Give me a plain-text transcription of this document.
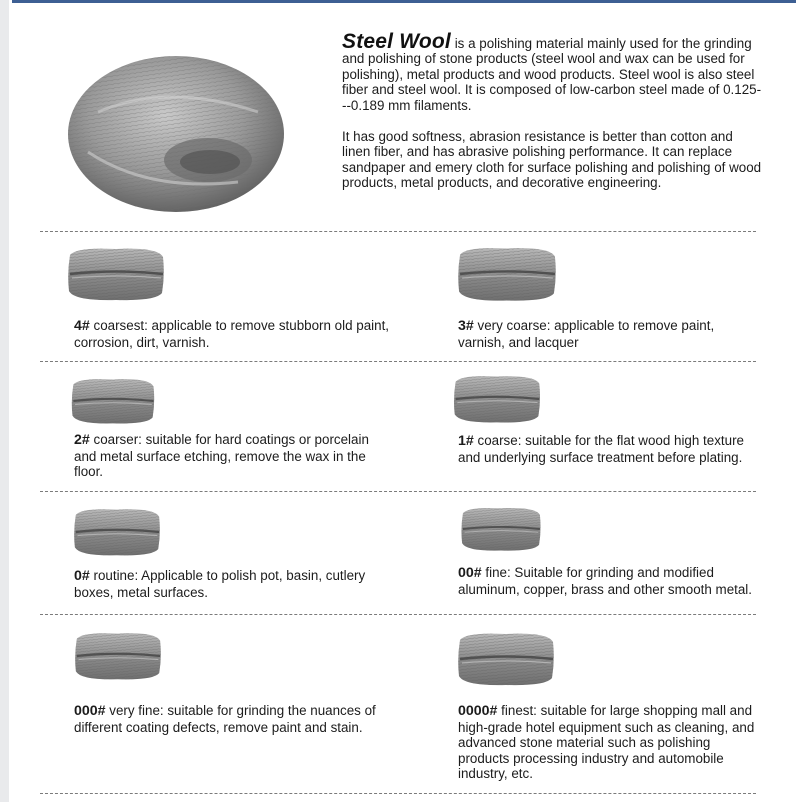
Steel Wool is a polishing material mainly used for the grinding and polishing of stone products (steel wool and wax can be used for polishing), metal products and wood products. Steel wool is also steel fiber and steel wool. It is composed of low-carbon steel made of 0.125---0.189 mm filaments.

It has good softness, abrasion resistance is better than cotton and linen fiber, and has abrasive polishing performance. It can replace sandpaper and emery cloth for surface polishing and polishing of wood products, metal products, and decorative engineering.

4# coarsest: applicable to remove stubborn old paint, corrosion, dirt, varnish.
3# very coarse: applicable to remove paint, varnish, and lacquer
2# coarser: suitable for hard coatings or porcelain and metal surface etching, remove the wax in the floor.
1# coarse: suitable for the flat wood high texture and underlying surface treatment before plating.
0# routine: Applicable to polish pot, basin, cutlery boxes, metal surfaces.
00# fine: Suitable for grinding and modified aluminum, copper, brass and other smooth metal.
000# very fine: suitable for grinding the nuances of different coating defects, remove paint and stain.
0000# finest: suitable for large shopping mall and high-grade hotel equipment such as cleaning, and advanced stone material such as polishing products processing industry and automobile industry, etc.
